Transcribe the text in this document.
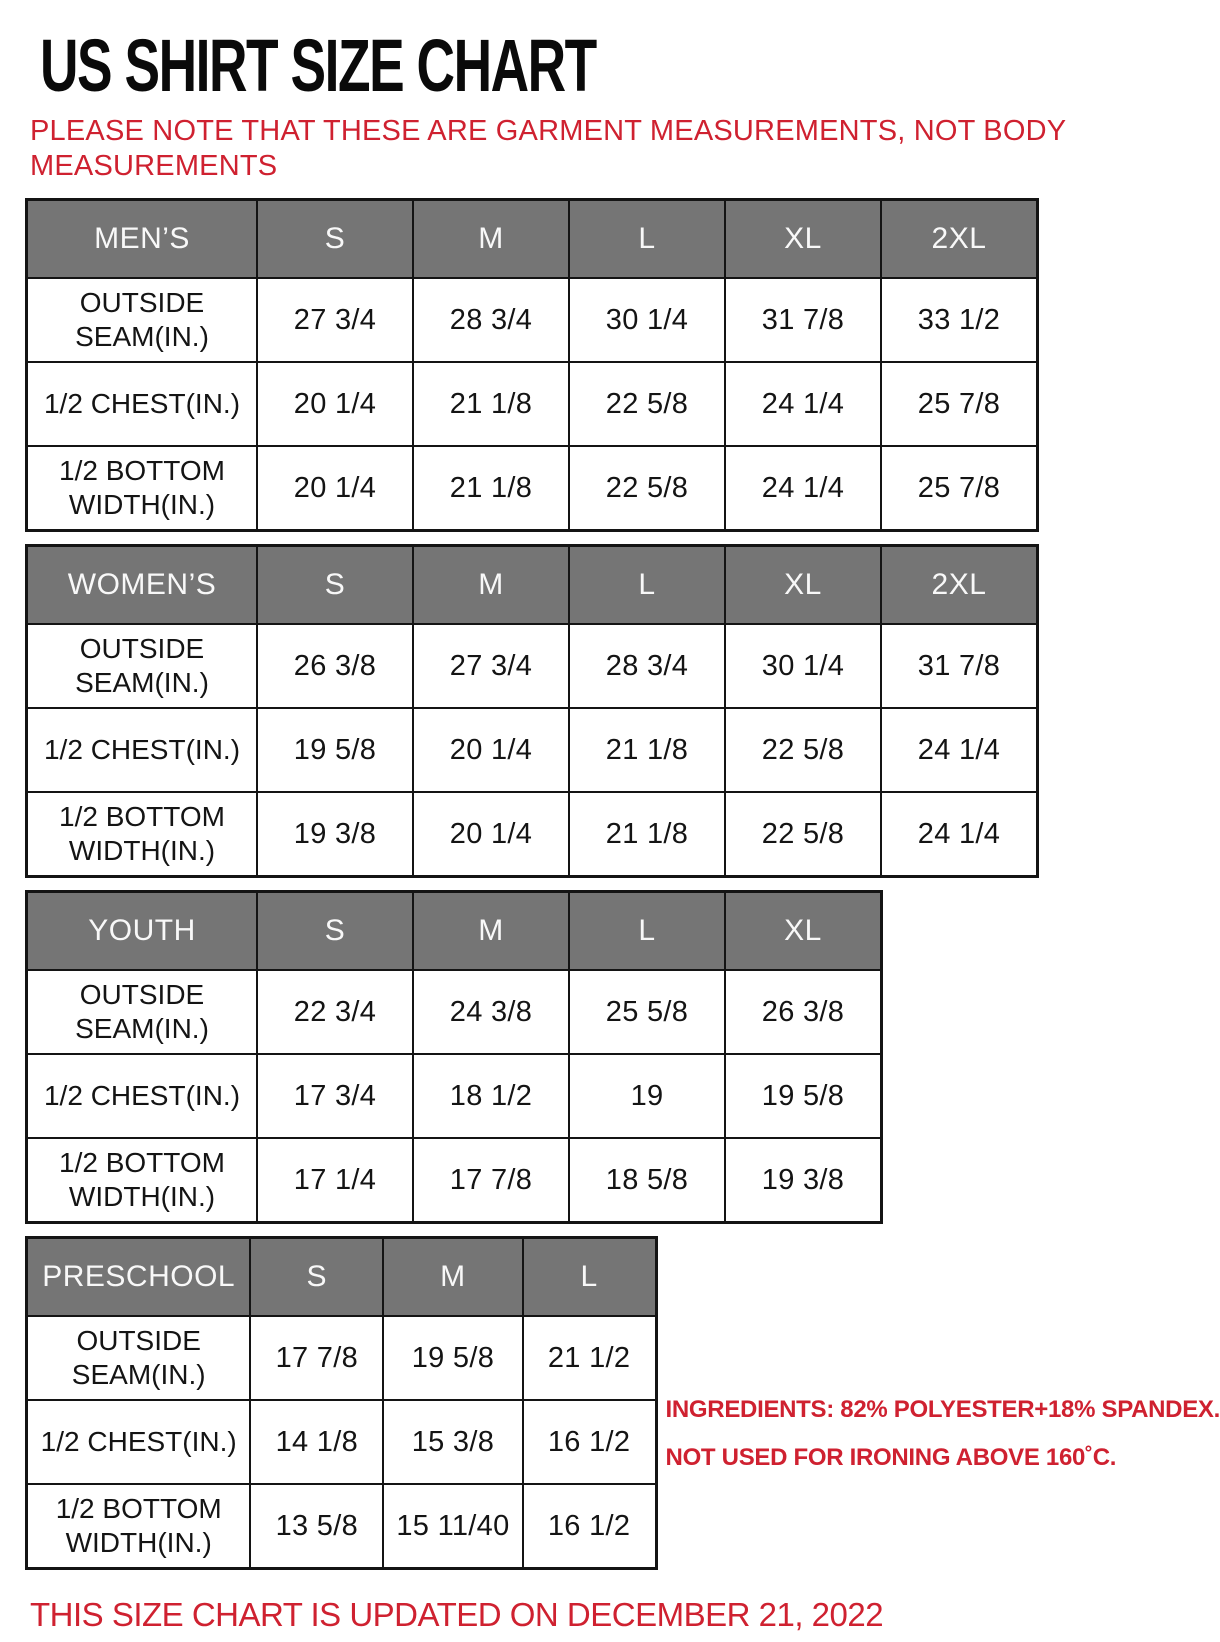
US SHIRT SIZE CHART
PLEASE NOTE THAT THESE ARE GARMENT MEASUREMENTS, NOT BODY
MEASUREMENTS
MEN’S	S	M	L	XL	2XL
OUTSIDE SEAM(IN.)	27 3/4	28 3/4	30 1/4	31 7/8	33 1/2
1/2 CHEST(IN.)	20 1/4	21 1/8	22 5/8	24 1/4	25 7/8
1/2 BOTTOM WIDTH(IN.)	20 1/4	21 1/8	22 5/8	24 1/4	25 7/8
WOMEN’S	S	M	L	XL	2XL
OUTSIDE SEAM(IN.)	26 3/8	27 3/4	28 3/4	30 1/4	31 7/8
1/2 CHEST(IN.)	19 5/8	20 1/4	21 1/8	22 5/8	24 1/4
1/2 BOTTOM WIDTH(IN.)	19 3/8	20 1/4	21 1/8	22 5/8	24 1/4
YOUTH	S	M	L	XL
OUTSIDE SEAM(IN.)	22 3/4	24 3/8	25 5/8	26 3/8
1/2 CHEST(IN.)	17 3/4	18 1/2	19	19 5/8
1/2 BOTTOM WIDTH(IN.)	17 1/4	17 7/8	18 5/8	19 3/8
PRESCHOOL	S	M	L
OUTSIDE SEAM(IN.)	17 7/8	19 5/8	21 1/2
1/2 CHEST(IN.)	14 1/8	15 3/8	16 1/2
1/2 BOTTOM WIDTH(IN.)	13 5/8	15 11/40	16 1/2
INGREDIENTS: 82% POLYESTER+18% SPANDEX.
NOT USED FOR IRONING ABOVE 160˚C.
THIS SIZE CHART IS UPDATED ON DECEMBER 21, 2022
